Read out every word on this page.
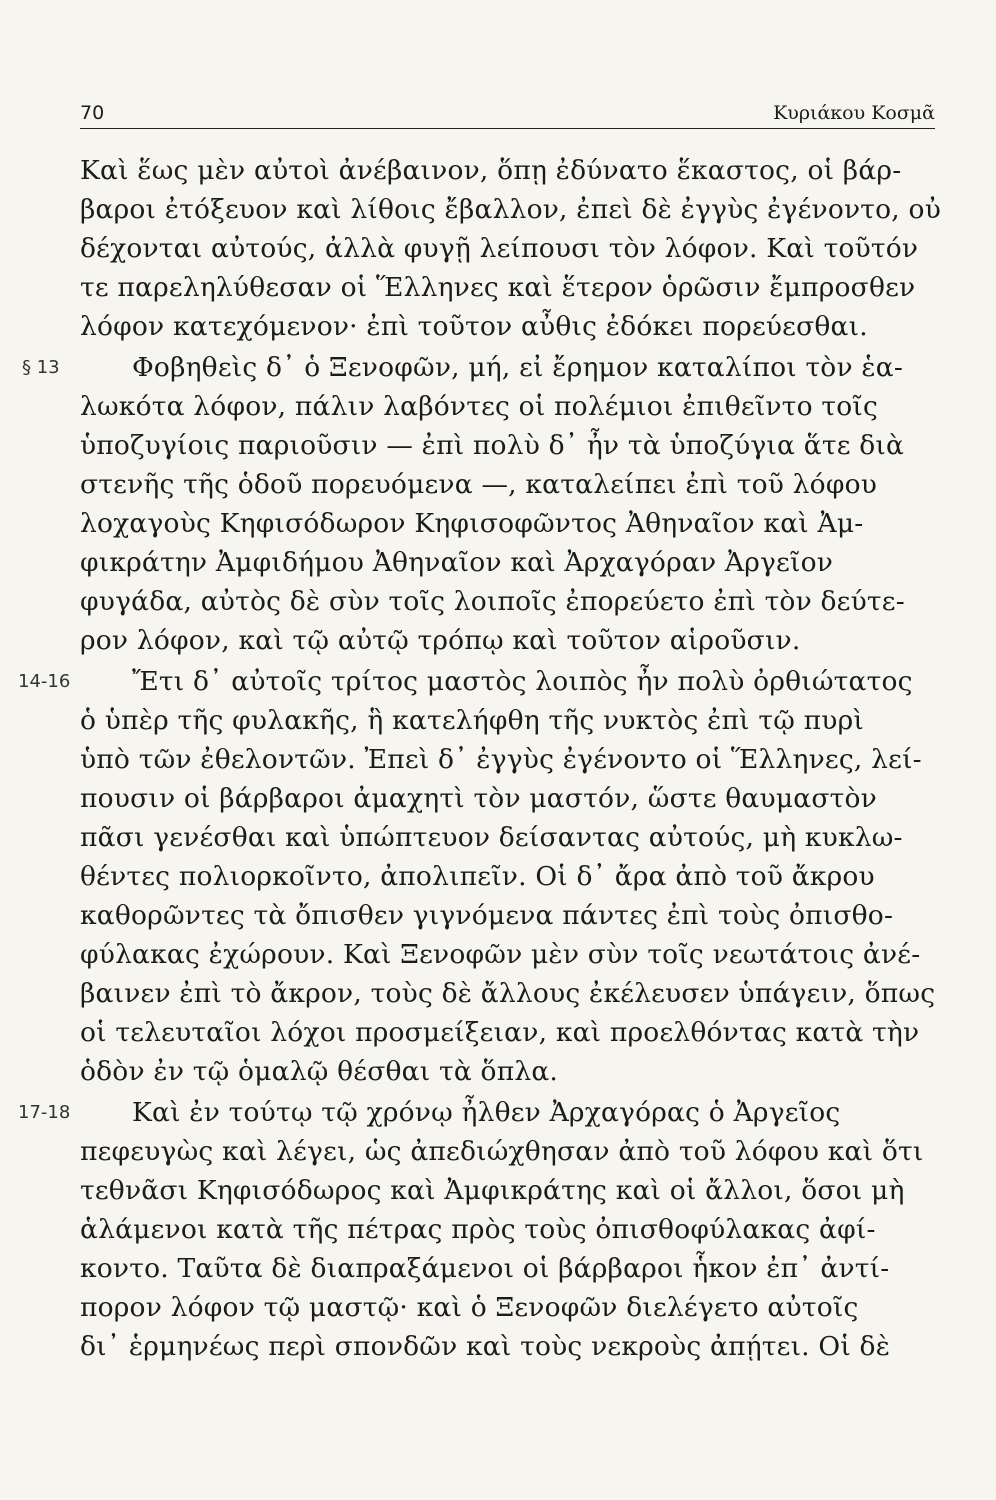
70	Κυριάκου Κοσμᾶ
Καὶ ἕως μὲν αὐτοὶ ἀνέβαινον, ὅπῃ ἐδύνατο ἕκαστος, οἱ βάρ-
βαροι ἐτόξευον καὶ λίθοις ἔβαλλον, ἐπεὶ δὲ ἐγγὺς ἐγένοντο, οὐ
δέχονται αὐτούς, ἀλλὰ φυγῇ λείπουσι τὸν λόφον. Καὶ τοῦτόν
τε παρεληλύθεσαν οἱ Ἕλληνες καὶ ἕτερον ὁρῶσιν ἔμπροσθεν
λόφον κατεχόμενον· ἐπὶ τοῦτον αὖθις ἐδόκει πορεύεσθαι.
§ 13	Φοβηθεὶς δ᾽ ὁ Ξενοφῶν, μή, εἰ ἔρημον καταλίποι τὸν ἑα-
λωκότα λόφον, πάλιν λαβόντες οἱ πολέμιοι ἐπιθεῖντο τοῖς
ὑποζυγίοις παριοῦσιν — ἐπὶ πολὺ δ᾽ ἦν τὰ ὑποζύγια ἅτε διὰ
στενῆς τῆς ὁδοῦ πορευόμενα —, καταλείπει ἐπὶ τοῦ λόφου
λοχαγοὺς Κηφισόδωρον Κηφισοφῶντος Ἀθηναῖον καὶ Ἀμ-
φικράτην Ἀμφιδήμου Ἀθηναῖον καὶ Ἀρχαγόραν Ἀργεῖον
φυγάδα, αὐτὸς δὲ σὺν τοῖς λοιποῖς ἐπορεύετο ἐπὶ τὸν δεύτε-
ρον λόφον, καὶ τῷ αὐτῷ τρόπῳ καὶ τοῦτον αἱροῦσιν.
14-16 Ἔτι δ᾽ αὐτοῖς τρίτος μαστὸς λοιπὸς ἦν πολὺ ὀρθιώτατος
ὁ ὑπὲρ τῆς φυλακῆς, ἣ κατελήφθη τῆς νυκτὸς ἐπὶ τῷ πυρὶ
ὑπὸ τῶν ἐθελοντῶν. Ἐπεὶ δ᾽ ἐγγὺς ἐγένοντο οἱ Ἕλληνες, λεί-
πουσιν οἱ βάρβαροι ἀμαχητὶ τὸν μαστόν, ὥστε θαυμαστὸν
πᾶσι γενέσθαι καὶ ὑπώπτευον δείσαντας αὐτούς, μὴ κυκλω-
θέντες πολιορκοῖντο, ἀπολιπεῖν. Οἱ δ᾽ ἄρα ἀπὸ τοῦ ἄκρου
καθορῶντες τὰ ὄπισθεν γιγνόμενα πάντες ἐπὶ τοὺς ὀπισθο-
φύλακας ἐχώρουν. Καὶ Ξενοφῶν μὲν σὺν τοῖς νεωτάτοις ἀνέ-
βαινεν ἐπὶ τὸ ἄκρον, τοὺς δὲ ἄλλους ἐκέλευσεν ὑπάγειν, ὅπως
οἱ τελευταῖοι λόχοι προσμείξειαν, καὶ προελθόντας κατὰ τὴν
ὁδὸν ἐν τῷ ὁμαλῷ θέσθαι τὰ ὅπλα.
17-18 Καὶ ἐν τούτῳ τῷ χρόνῳ ἦλθεν Ἀρχαγόρας ὁ Ἀργεῖος
πεφευγὼς καὶ λέγει, ὡς ἀπεδιώχθησαν ἀπὸ τοῦ λόφου καὶ ὅτι
τεθνᾶσι Κηφισόδωρος καὶ Ἀμφικράτης καὶ οἱ ἄλλοι, ὅσοι μὴ
ἁλάμενοι κατὰ τῆς πέτρας πρὸς τοὺς ὀπισθοφύλακας ἀφί-
κοντο. Ταῦτα δὲ διαπραξάμενοι οἱ βάρβαροι ἧκον ἐπ᾽ ἀντί-
πορον λόφον τῷ μαστῷ· καὶ ὁ Ξενοφῶν διελέγετο αὐτοῖς
δι᾽ ἑρμηνέως περὶ σπονδῶν καὶ τοὺς νεκροὺς ἀπῄτει. Οἱ δὲ
